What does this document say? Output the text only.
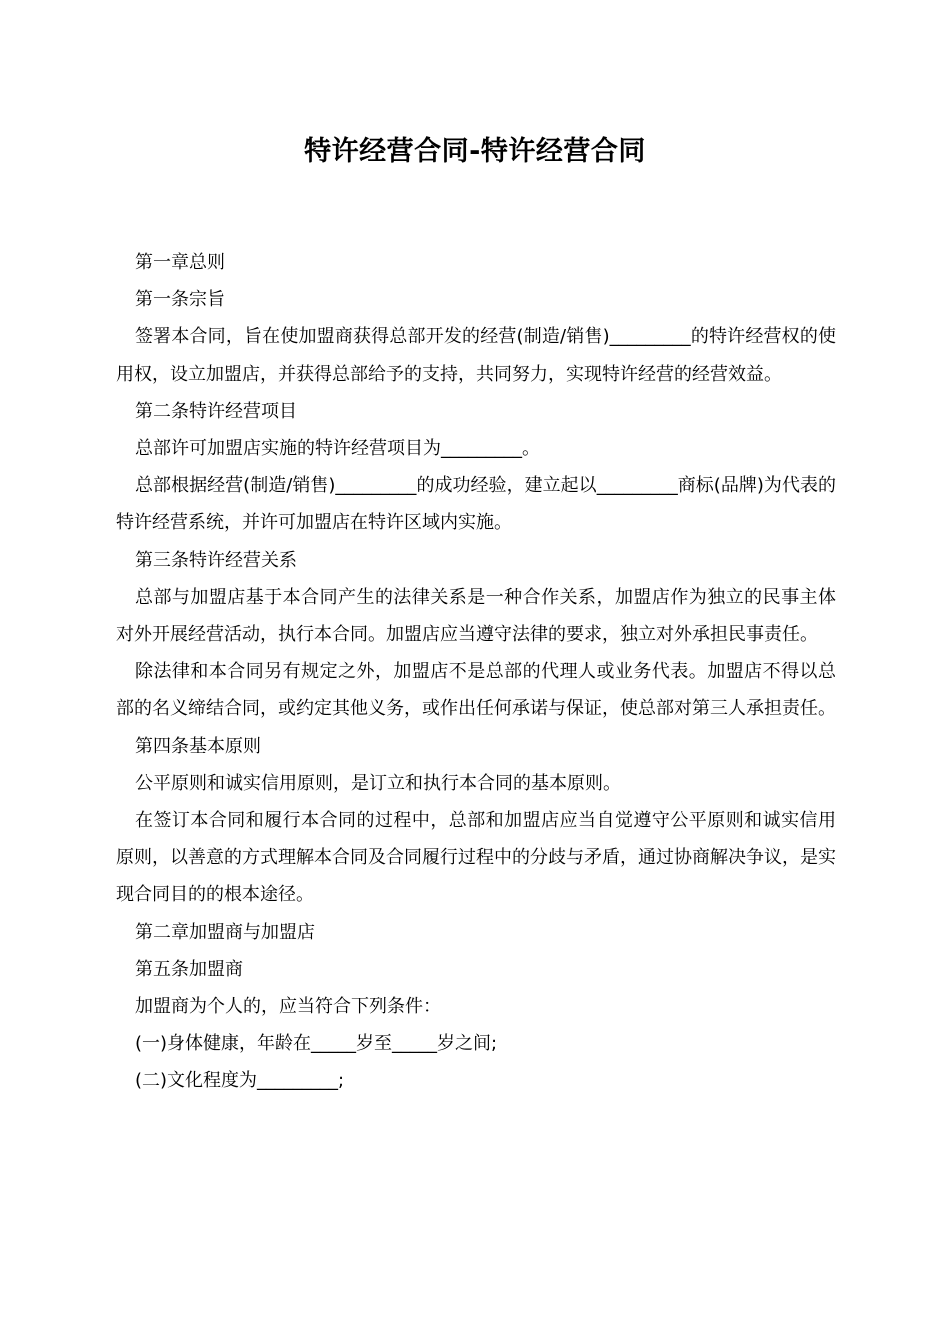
特许经营合同-特许经营合同

第一章总则

第一条宗旨

签署本合同，旨在使加盟商获得总部开发的经营(制造/销售)_________的特许经营权的使用权，设立加盟店，并获得总部给予的支持，共同努力，实现特许经营的经营效益。

第二条特许经营项目

总部许可加盟店实施的特许经营项目为_________。

总部根据经营(制造/销售)_________的成功经验，建立起以_________商标(品牌)为代表的特许经营系统，并许可加盟店在特许区域内实施。

第三条特许经营关系

总部与加盟店基于本合同产生的法律关系是一种合作关系，加盟店作为独立的民事主体对外开展经营活动，执行本合同。加盟店应当遵守法律的要求，独立对外承担民事责任。

除法律和本合同另有规定之外，加盟店不是总部的代理人或业务代表。加盟店不得以总部的名义缔结合同，或约定其他义务，或作出任何承诺与保证，使总部对第三人承担责任。

第四条基本原则

公平原则和诚实信用原则，是订立和执行本合同的基本原则。

在签订本合同和履行本合同的过程中，总部和加盟店应当自觉遵守公平原则和诚实信用原则，以善意的方式理解本合同及合同履行过程中的分歧与矛盾，通过协商解决争议，是实现合同目的的根本途径。

第二章加盟商与加盟店

第五条加盟商

加盟商为个人的，应当符合下列条件：

(一)身体健康，年龄在_____岁至_____岁之间;

(二)文化程度为_________;
